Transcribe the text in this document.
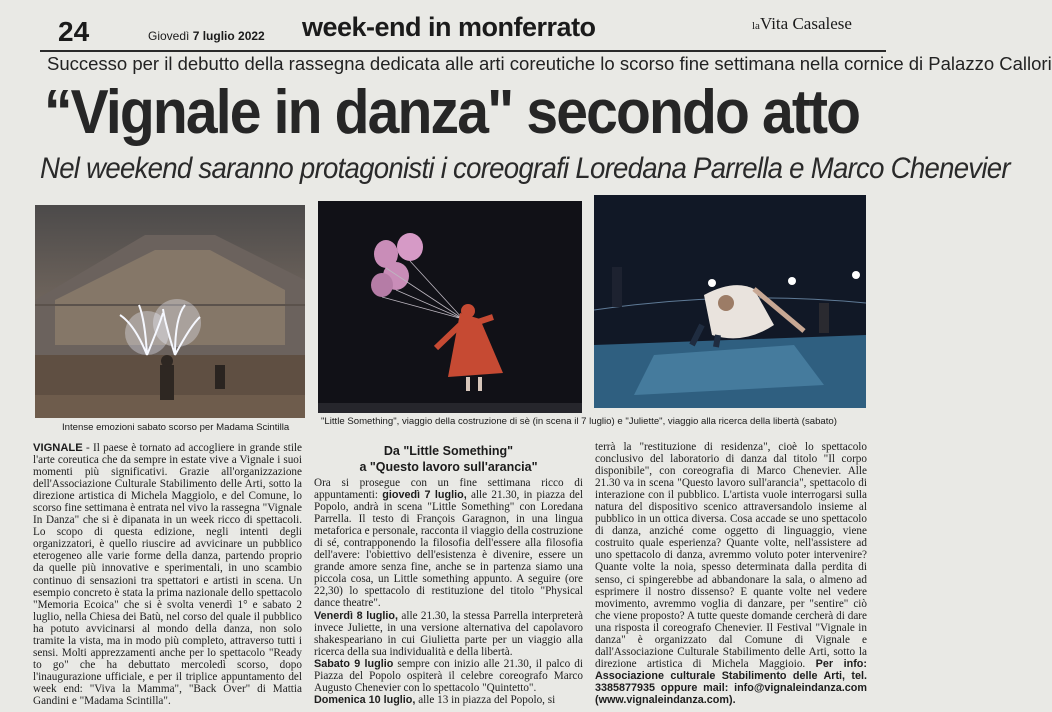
24	Giovedì 7 luglio 2022 week-end in monferrato	laVita Casalese
Successo per il debutto della rassegna dedicata alle arti coreutiche lo scorso fine settimana nella cornice di Palazzo Callori
“Vignale in danza" secondo atto
Nel weekend saranno protagonisti i coreografi Loredana Parrella e Marco Chenevier
Intense emozioni sabato scorso per Madama Scintilla
"Little Something", viaggio della costruzione di sè (in scena il 7 luglio) e "Juliette", viaggio alla ricerca della libertà (sabato)

VIGNALE - Il paese è tornato ad accogliere in grande stile l'arte coreutica che da sempre in estate vive a Vignale i suoi momenti più significativi. Grazie all'organizzazione dell'Associazione Culturale Stabilimento delle Arti, sotto la direzione artistica di Michela Maggiolo, e del Comune, lo scorso fine settimana è entrata nel vivo la rassegna "Vignale In Danza" che si è dipanata in un week ricco di spettacoli. Lo scopo di questa edizione, negli intenti degli organizzatori, è quello riuscire ad avvicinare un pubblico eterogeneo alle varie forme della danza, partendo proprio da quelle più innovative e sperimentali, in uno scambio continuo di sensazioni tra spettatori e artisti in scena. Un esempio concreto è stata la prima nazionale dello spettacolo "Memoria Ecoica" che si è svolta venerdì 1° e sabato 2 luglio, nella Chiesa dei Batù, nel corso del quale il pubblico ha potuto avvicinarsi al mondo della danza, non solo tramite la vista, ma in modo più completo, attraverso tutti i sensi. Molti apprezzamenti anche per lo spettacolo "Ready to go" che ha debuttato mercoledì scorso, dopo l'inaugurazione ufficiale, e per il triplice appuntamento del week end: "Viva la Mamma", "Back Over" di Mattia Gandini e "Madama Scintilla".

Da "Little Something"
a "Questo lavoro sull'arancia"

Ora si prosegue con un fine settimana ricco di appuntamenti: giovedì 7 luglio, alle 21.30, in piazza del Popolo, andrà in scena "Little Something" con Loredana Parrella. Il testo di François Garagnon, in una lingua metaforica e personale, racconta il viaggio della costruzione di sé, contrapponendo la filosofia dell'essere alla filosofia dell'avere: l'obiettivo dell'esistenza è divenire, essere un grande amore senza fine, anche se in partenza siamo una piccola cosa, un Little something appunto. A seguire (ore 22,30) lo spettacolo di restituzione del titolo "Physical dance theatre".

Venerdì 8 luglio, alle 21.30, la stessa Parrella interpreterà invece Juliette, in una versione alternativa del capolavoro shakespeariano in cui Giulietta parte per un viaggio alla ricerca della sua individualità e della libertà.

Sabato 9 luglio sempre con inizio alle 21.30, il palco di Piazza del Popolo ospiterà il celebre coreografo Marco Augusto Chenevier con lo spettacolo "Quintetto".

Domenica 10 luglio, alle 13 in piazza del Popolo, si

terrà la "restituzione di residenza", cioè lo spettacolo conclusivo del laboratorio di danza dal titolo "Il corpo disponibile", con coreografia di Marco Chenevier. Alle 21.30 va in scena "Questo lavoro sull'arancia", spettacolo di interazione con il pubblico. L'artista vuole interrogarsi sulla natura del dispositivo scenico attraversandolo insieme al pubblico in un ottica diversa. Cosa accade se uno spettacolo di danza, anziché come oggetto di linguaggio, viene costruito quale esperienza? Quante volte, nell'assistere ad uno spettacolo di danza, avremmo voluto poter intervenire? Quante volte la noia, spesso determinata dalla perdita di senso, ci spingerebbe ad abbandonare la sala, o almeno ad esprimere il nostro dissenso? E quante volte nel vedere movimento, avremmo voglia di danzare, per "sentire" ciò che viene proposto? A tutte queste domande cercherà di dare una risposta il coreografo Chenevier. Il Festival "Vignale in danza" è organizzato dal Comune di Vignale e dall'Associazione Culturale Stabilimento delle Arti, sotto la direzione artistica di Michela Maggioio. Per info: Associazione culturale Stabilimento delle Arti, tel. 3385877935 oppure mail: info@vignaleindanza.com (www.vignaleindanza.com).
